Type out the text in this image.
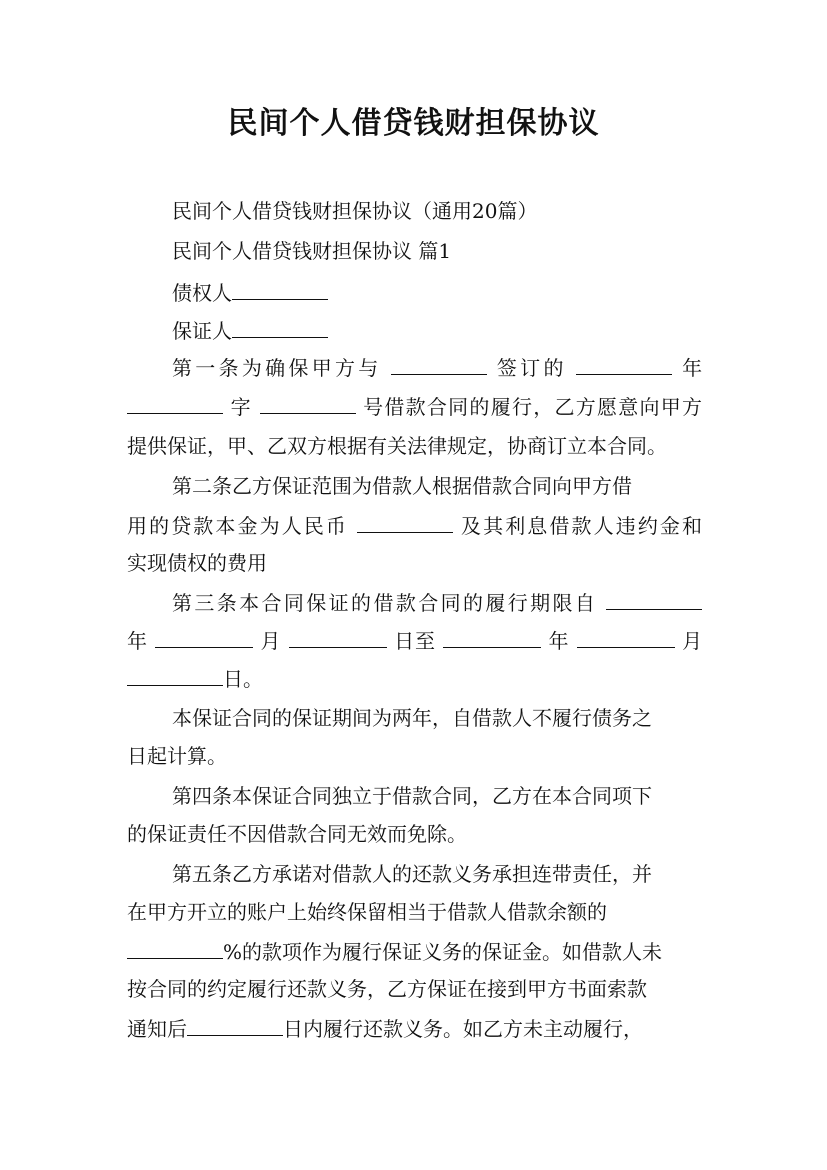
民间个人借贷钱财担保协议

民间个人借贷钱财担保协议（通用20篇）

民间个人借贷钱财担保协议 篇1

债权人

保证人

第一条为确保甲方与	签订的	年

字	号借款合同的履行，乙方愿意向甲方

提供保证，甲、乙双方根据有关法律规定，协商订立本合同。

第二条乙方保证范围为借款人根据借款合同向甲方借

用的贷款本金为人民币	及其利息借款人违约金和

实现债权的费用

第三条本合同保证的借款合同的履行期限自

年	月	日至	年	月

日。

本保证合同的保证期间为两年，自借款人不履行债务之

日起计算。

第四条本保证合同独立于借款合同，乙方在本合同项下

的保证责任不因借款合同无效而免除。

第五条乙方承诺对借款人的还款义务承担连带责任，并

在甲方开立的账户上始终保留相当于借款人借款余额的

%的款项作为履行保证义务的保证金。如借款人未

按合同的约定履行还款义务，乙方保证在接到甲方书面索款

通知后	日内履行还款义务。如乙方未主动履行，
